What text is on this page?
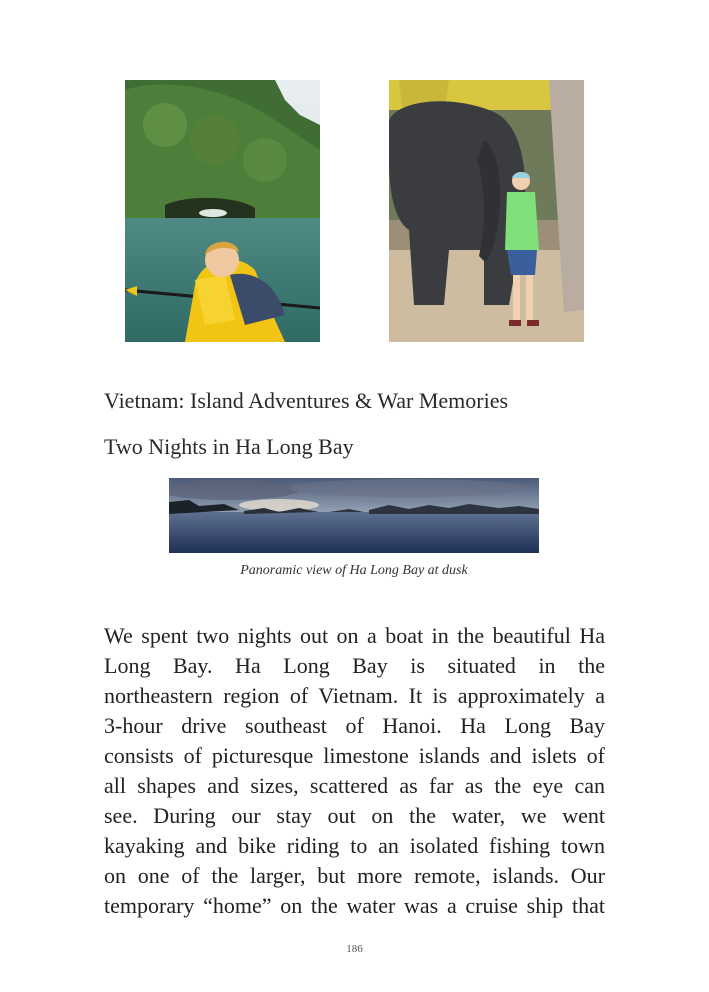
Vietnam: Island Adventures & War Memories
Two Nights in Ha Long Bay
Panoramic view of Ha Long Bay at dusk
We spent two nights out on a boat in the beautiful Ha
Long Bay. Ha Long Bay is situated in the
northeastern region of Vietnam. It is approximately a
3-hour drive southeast of Hanoi. Ha Long Bay
consists of picturesque limestone islands and islets of
all shapes and sizes, scattered as far as the eye can
see. During our stay out on the water, we went
kayaking and bike riding to an isolated fishing town
on one of the larger, but more remote, islands. Our
temporary “home” on the water was a cruise ship that
186
